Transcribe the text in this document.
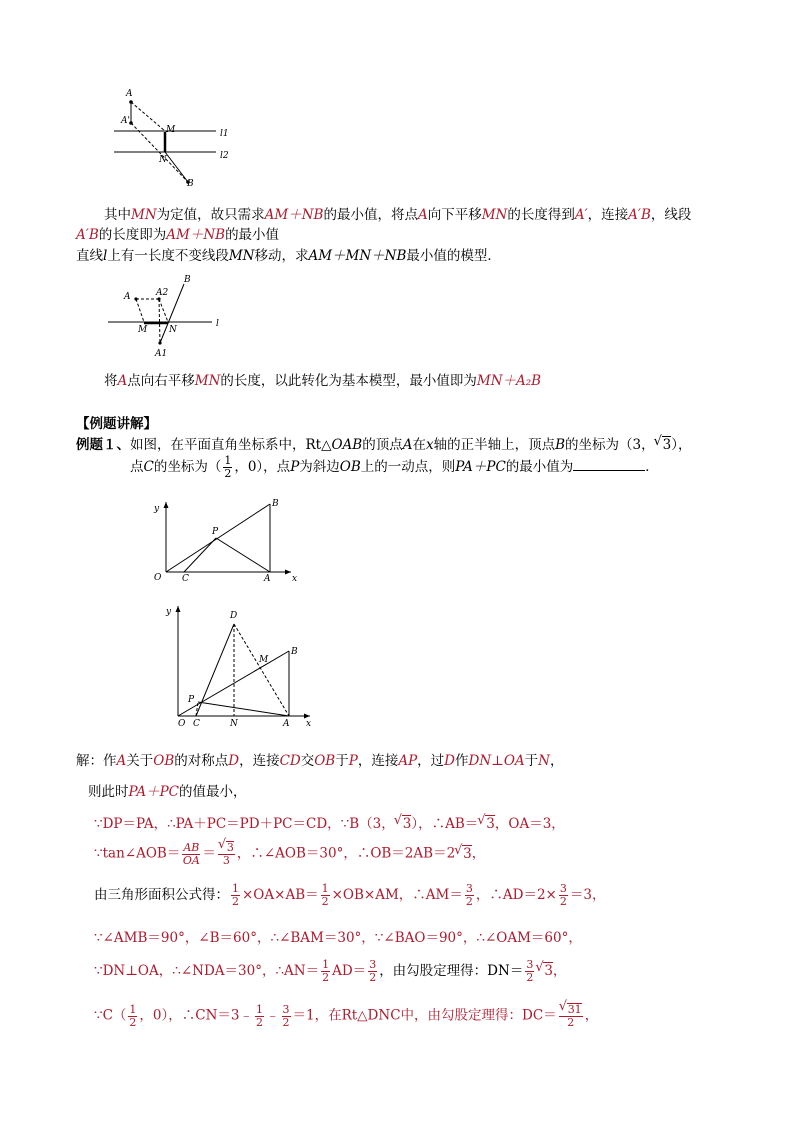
A
A'
M
N
B
l1
l2
其中MN为定值，故只需求AM＋NB的最小值，将点A向下平移MN的长度得到A′，连接A′B，线段
A′B的长度即为AM＋NB的最小值
直线l上有一长度不变线段MN移动，求AM＋MN＋NB最小值的模型．
B
A	A2
M N
l
A1
将A点向右平移MN的长度，以此转化为基本模型，最小值即为MN＋A₂B
【例题讲解】
例题１、如图，在平面直角坐标系中，Rt△OAB的顶点A在x轴的正半轴上，顶点B的坐标为（3， √ 3），
点C的坐标为（ $\frac{1}{2}$ ，0），点P为斜边OB上的一动点，则PA＋PC的最小值为	．
y	B
P
O C	A x
y	D
M
B
P
O C	N	A x
解：作A关于OB的对称点D，连接CD交OB于P，连接AP，过D作DN⊥OA于N，
则此时PA＋PC的值最小，
∵DP＝PA，∴PA＋PC＝PD＋PC＝CD，∵B（3， √ 3），∴AB＝ √ 3，OA＝3，
∵tan∠AOB＝ $\frac{AB}{OA}$ ＝ √ $\frac{3}{3}$ ，∴∠AOB＝30°，∴OB＝2AB＝2 √ 3，
由三角形面积公式得： $\frac{1}{2} \times OA\times AB= \frac{1}{2} \times OB\times AM$，∴AM＝ $\frac{3}{2}$ ，∴AD＝2× $\frac{3}{2} =3$，
∵∠AMB＝90°，∠B＝60°，∴∠BAM＝30°，∵∠BAO＝90°，∴∠OAM＝60°，
∵DN⊥OA，∴∠NDA＝30°，∴AN＝ $\frac{1}{2} AD= \frac{3}{2}$ ，由勾股定理得：$DN= \frac{3}{2}$ √ 3，
∵C（ $\frac{1}{2}$ ，0），∴CN＝3﹣ $\frac{1}{2}$ ﹣ $\frac{3}{2} =1$，在Rt△DNC中，由勾股定理得：DC＝ √ $\frac{31}{2}$ ，
